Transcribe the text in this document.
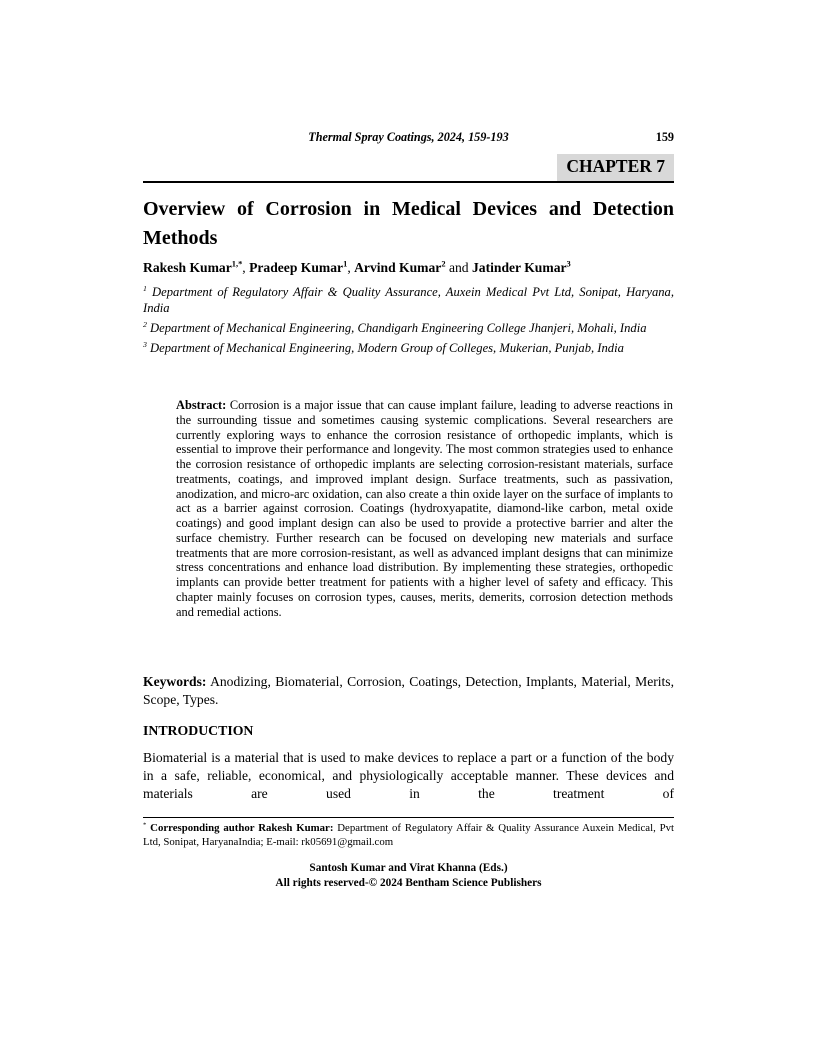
Thermal Spray Coatings, 2024, 159-193	159
CHAPTER 7
Overview of Corrosion in Medical Devices and Detection Methods
Rakesh Kumar$^{1,*}$, Pradeep Kumar$^1$, Arvind Kumar$^2$ and Jatinder Kumar$^3$
$^1$ Department of Regulatory Affair & Quality Assurance, Auxein Medical Pvt Ltd, Sonipat, Haryana, India
$^2$ Department of Mechanical Engineering, Chandigarh Engineering College Jhanjeri, Mohali, India
$^3$ Department of Mechanical Engineering, Modern Group of Colleges, Mukerian, Punjab, India

Abstract: Corrosion is a major issue that can cause implant failure, leading to adverse reactions in the surrounding tissue and sometimes causing systemic complications. Several researchers are currently exploring ways to enhance the corrosion resistance of orthopedic implants, which is essential to improve their performance and longevity. The most common strategies used to enhance the corrosion resistance of orthopedic implants are selecting corrosion-resistant materials, surface treatments, coatings, and improved implant design. Surface treatments, such as passivation, anodization, and micro-arc oxidation, can also create a thin oxide layer on the surface of implants to act as a barrier against corrosion. Coatings (hydroxyapatite, diamond-like carbon, metal oxide coatings) and good implant design can also be used to provide a protective barrier and alter the surface chemistry. Further research can be focused on developing new materials and surface treatments that are more corrosion-resistant, as well as advanced implant designs that can minimize stress concentrations and enhance load distribution. By implementing these strategies, orthopedic implants can provide better treatment for patients with a higher level of safety and efficacy. This chapter mainly focuses on corrosion types, causes, merits, demerits, corrosion detection methods and remedial actions.

Keywords: Anodizing, Biomaterial, Corrosion, Coatings, Detection, Implants, Material, Merits, Scope, Types.

INTRODUCTION

Biomaterial is a material that is used to make devices to replace a part or a function of the body in a safe, reliable, economical, and physiologically acceptable manner. These devices and materials are used in the treatment of

* Corresponding author Rakesh Kumar: Department of Regulatory Affair & Quality Assurance Auxein Medical, Pvt Ltd, Sonipat, HaryanaIndia; E-mail: rk05691@gmail.com
Santosh Kumar and Virat Khanna (Eds.)
All rights reserved-© 2024 Bentham Science Publishers
